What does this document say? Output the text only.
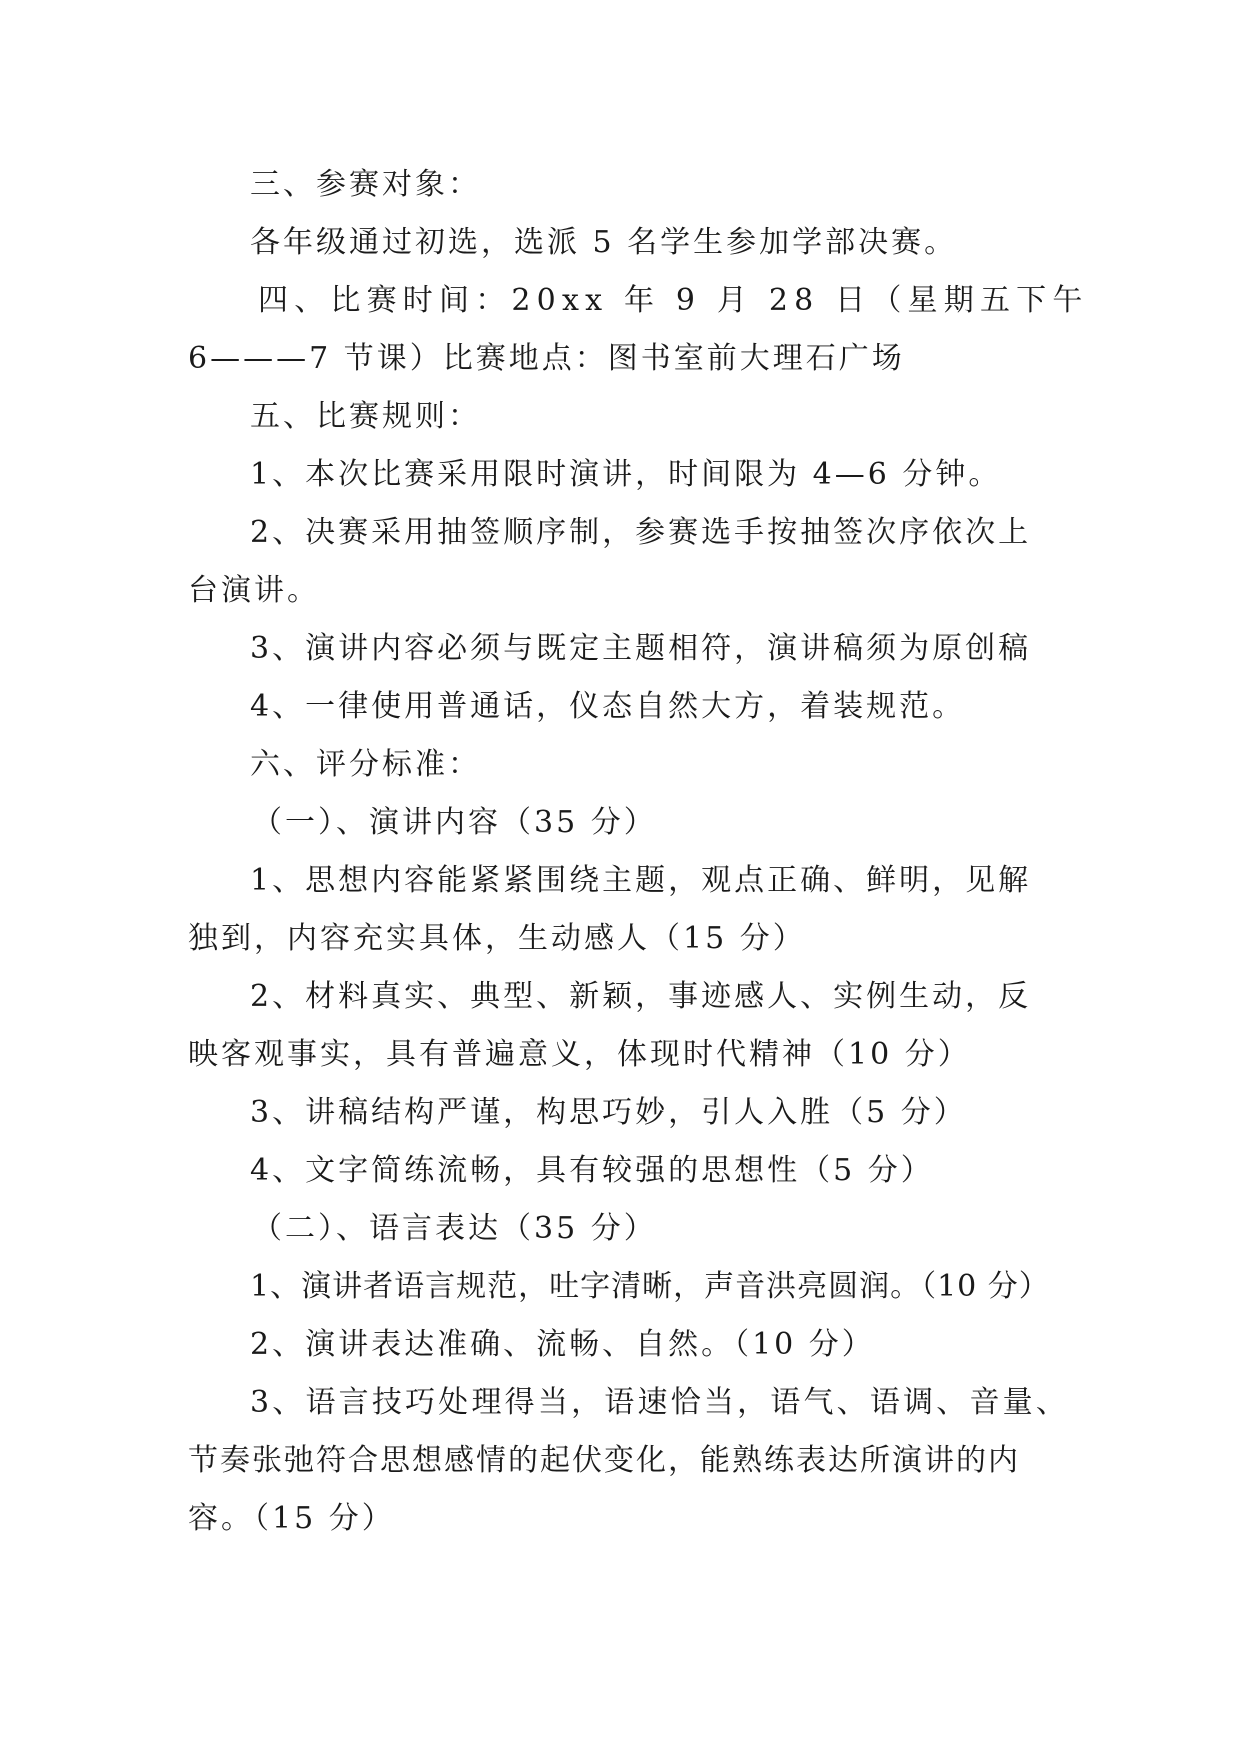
三、参赛对象：
各年级通过初选，选派 5 名学生参加学部决赛。
四、比赛时间：20xx 年 9 月 28 日（星期五下午
6———7 节课）比赛地点：图书室前大理石广场
五、比赛规则：
1、本次比赛采用限时演讲，时间限为 4—6 分钟。
2、决赛采用抽签顺序制，参赛选手按抽签次序依次上
台演讲。
3、演讲内容必须与既定主题相符，演讲稿须为原创稿
4、一律使用普通话，仪态自然大方，着装规范。
六、评分标准：
（一）、演讲内容（35 分）
1、思想内容能紧紧围绕主题，观点正确、鲜明，见解
独到，内容充实具体，生动感人（15 分）
2、材料真实、典型、新颖，事迹感人、实例生动，反
映客观事实，具有普遍意义，体现时代精神（10 分）
3、讲稿结构严谨，构思巧妙，引人入胜（5 分）
4、文字简练流畅，具有较强的思想性（5 分）
（二）、语言表达（35 分）
1、演讲者语言规范，吐字清晰，声音洪亮圆润。（10 分）
2、演讲表达准确、流畅、自然。（10 分）
3、语言技巧处理得当，语速恰当，语气、语调、音量、
节奏张弛符合思想感情的起伏变化，能熟练表达所演讲的内
容。（15 分）
